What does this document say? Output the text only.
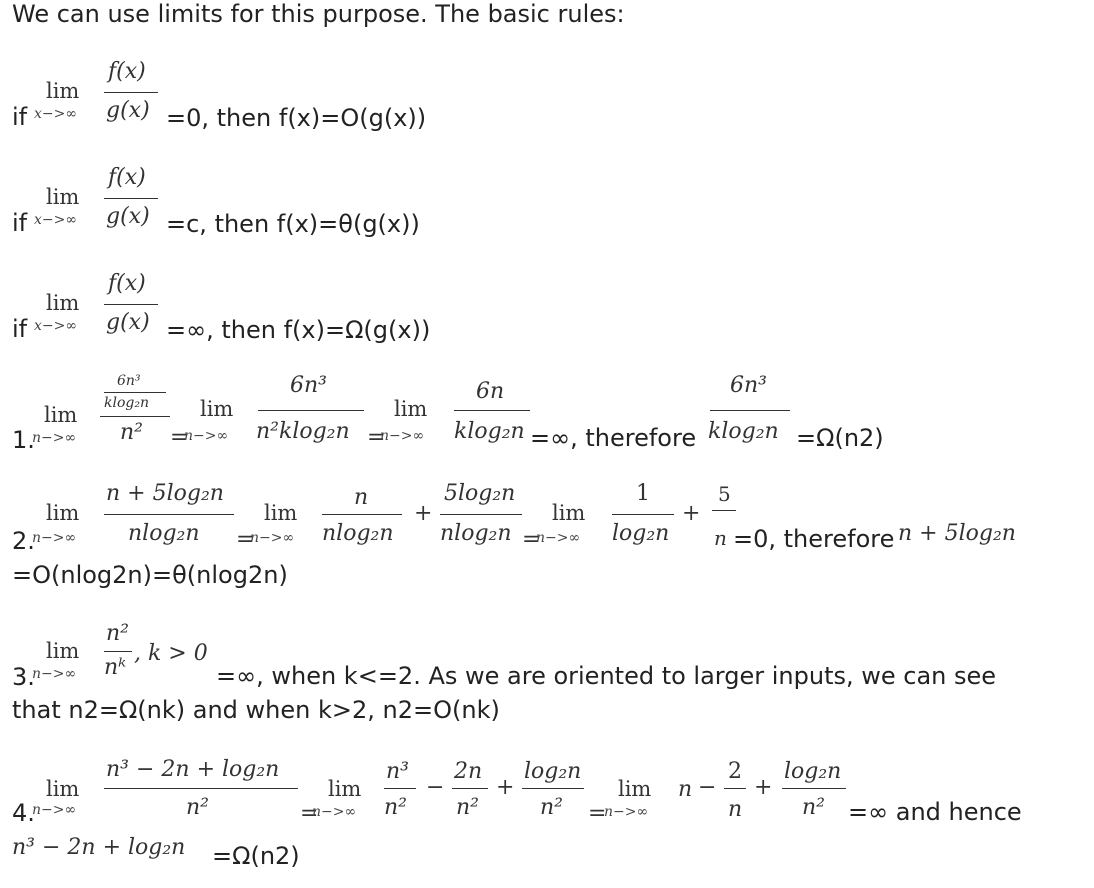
We can use limits for this purpose. The basic rules:
if
lim
x−>∞
f(x)
g(x) =0, then f(x)=O(g(x))
if
lim
x−>∞
f(x)
g(x) =c, then f(x)=θ(g(x))
if
lim
x−>∞
f(x)
g(x) =∞, then f(x)=Ω(g(x))
1.
lim
n−>∞
6n³
klog₂n
n² =
lim
n−>∞
6n³
n²klog₂n =
lim
n−>∞
6n
klog₂n =∞, therefore
6n³
klog₂n =Ω(n2)
2.
lim
n−>∞
n + 5log₂n
nlog₂n =
lim
n−>∞
n
nlog₂n
+
5log₂n
nlog₂n =
lim
n−>∞
1
log₂n
+
5
n =0, therefore n + 5log₂n
=O(nlog2n)=θ(nlog2n)
3.
lim
n−>∞
n²
nᵏ
, k > 0
=∞, when k<=2. As we are oriented to larger inputs, we can see
that n2=Ω(nk) and when k>2, n2=O(nk)
4.
lim
n−>∞
n³ − 2n + log₂n
n²	=
lim
n−>∞
n³
n²
−
2n
n²
+
log₂n
n² =
lim
n−>∞
n −
2
n
+
log₂n
n² =∞ and hence
n³ − 2n + log₂n =Ω(n2)
